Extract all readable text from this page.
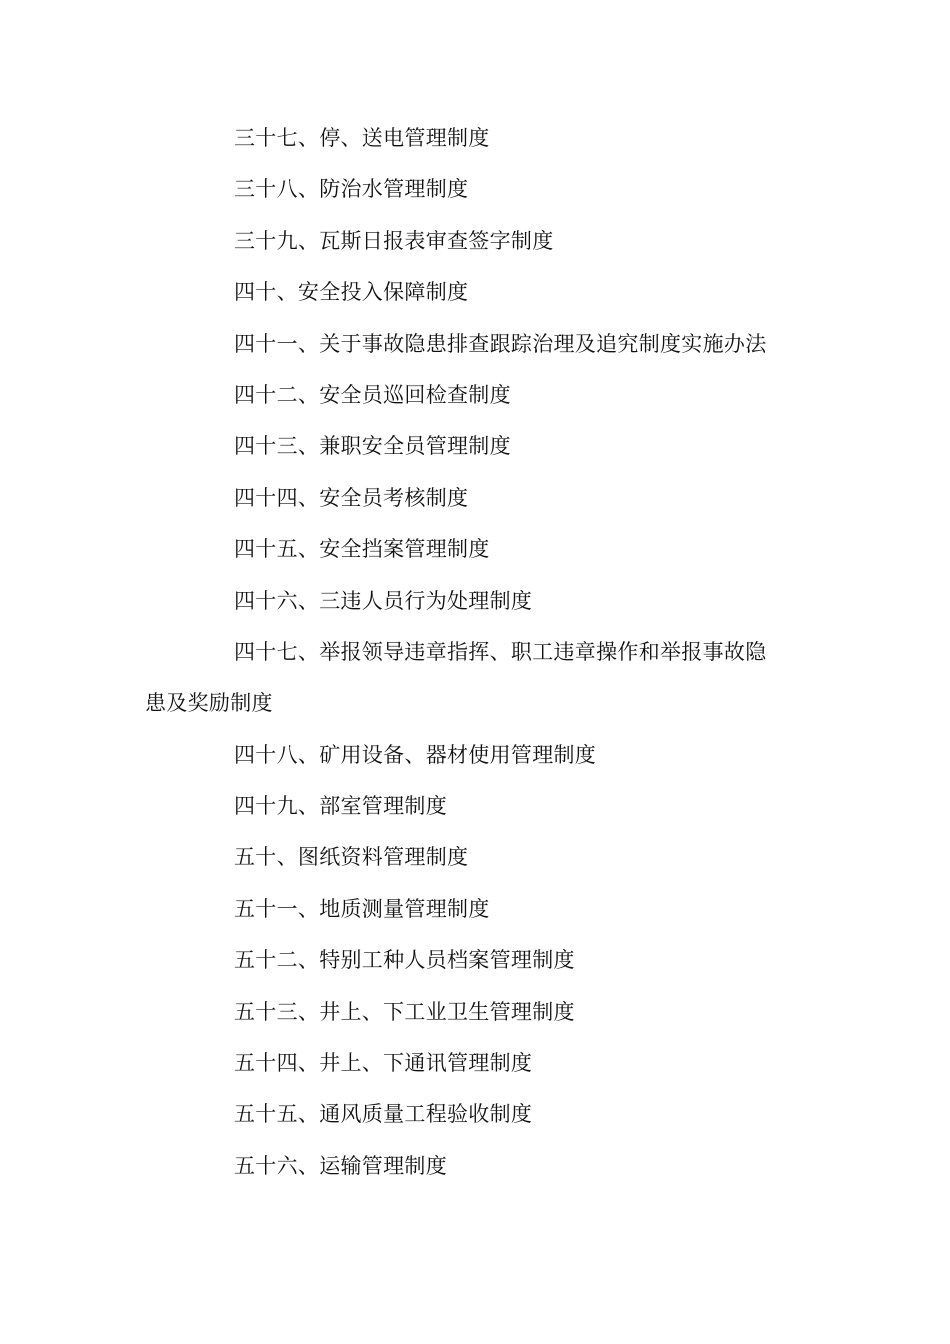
三十七、停、送电管理制度
三十八、防治水管理制度
三十九、瓦斯日报表审查签字制度
四十、安全投入保障制度
四十一、关于事故隐患排查跟踪治理及追究制度实施办法
四十二、安全员巡回检查制度
四十三、兼职安全员管理制度
四十四、安全员考核制度
四十五、安全挡案管理制度
四十六、三违人员行为处理制度
四十七、举报领导违章指挥、职工违章操作和举报事故隐
患及奖励制度
四十八、矿用设备、器材使用管理制度
四十九、部室管理制度
五十、图纸资料管理制度
五十一、地质测量管理制度
五十二、特别工种人员档案管理制度
五十三、井上、下工业卫生管理制度
五十四、井上、下通讯管理制度
五十五、通风质量工程验收制度
五十六、运输管理制度
